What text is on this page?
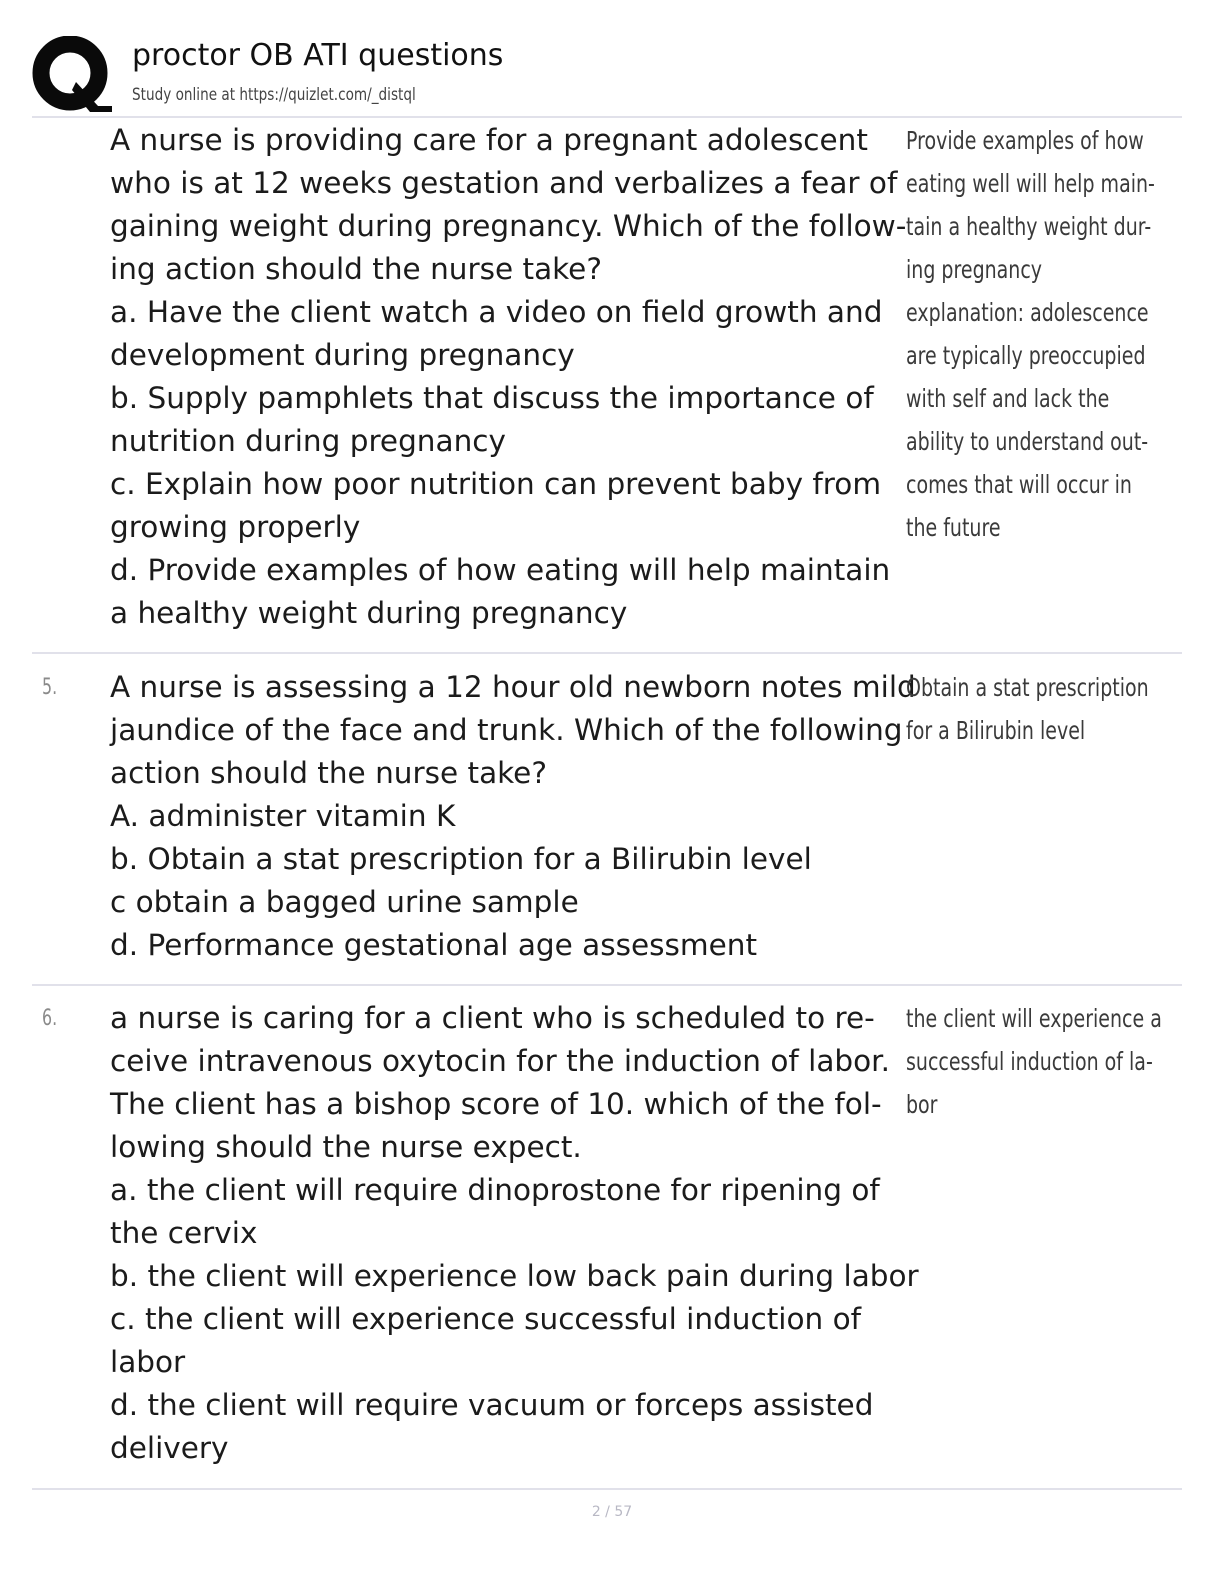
proctor OB ATI questions
Study online at https://quizlet.com/_distql
A nurse is providing care for a pregnant adolescent
who is at 12 weeks gestation and verbalizes a fear of
gaining weight during pregnancy. Which of the follow-
ing action should the nurse take?
a. Have the client watch a video on field growth and
development during pregnancy
b. Supply pamphlets that discuss the importance of
nutrition during pregnancy
c. Explain how poor nutrition can prevent baby from
growing properly
d. Provide examples of how eating will help maintain
a healthy weight during pregnancy
Provide examples of how
eating well will help main-
tain a healthy weight dur-
ing pregnancy
explanation: adolescence
are typically preoccupied
with self and lack the
ability to understand out-
comes that will occur in
the future
5. A nurse is assessing a 12 hour old newborn notes mild
jaundice of the face and trunk. Which of the following
action should the nurse take?
A. administer vitamin K
b. Obtain a stat prescription for a Bilirubin level
c obtain a bagged urine sample
d. Performance gestational age assessment
Obtain a stat prescription
for a Bilirubin level
6. a nurse is caring for a client who is scheduled to re-
ceive intravenous oxytocin for the induction of labor.
The client has a bishop score of 10. which of the fol-
lowing should the nurse expect.
a. the client will require dinoprostone for ripening of
the cervix
b. the client will experience low back pain during labor
c. the client will experience successful induction of
labor
d. the client will require vacuum or forceps assisted
delivery
the client will experience a
successful induction of la-
bor
2 / 57
